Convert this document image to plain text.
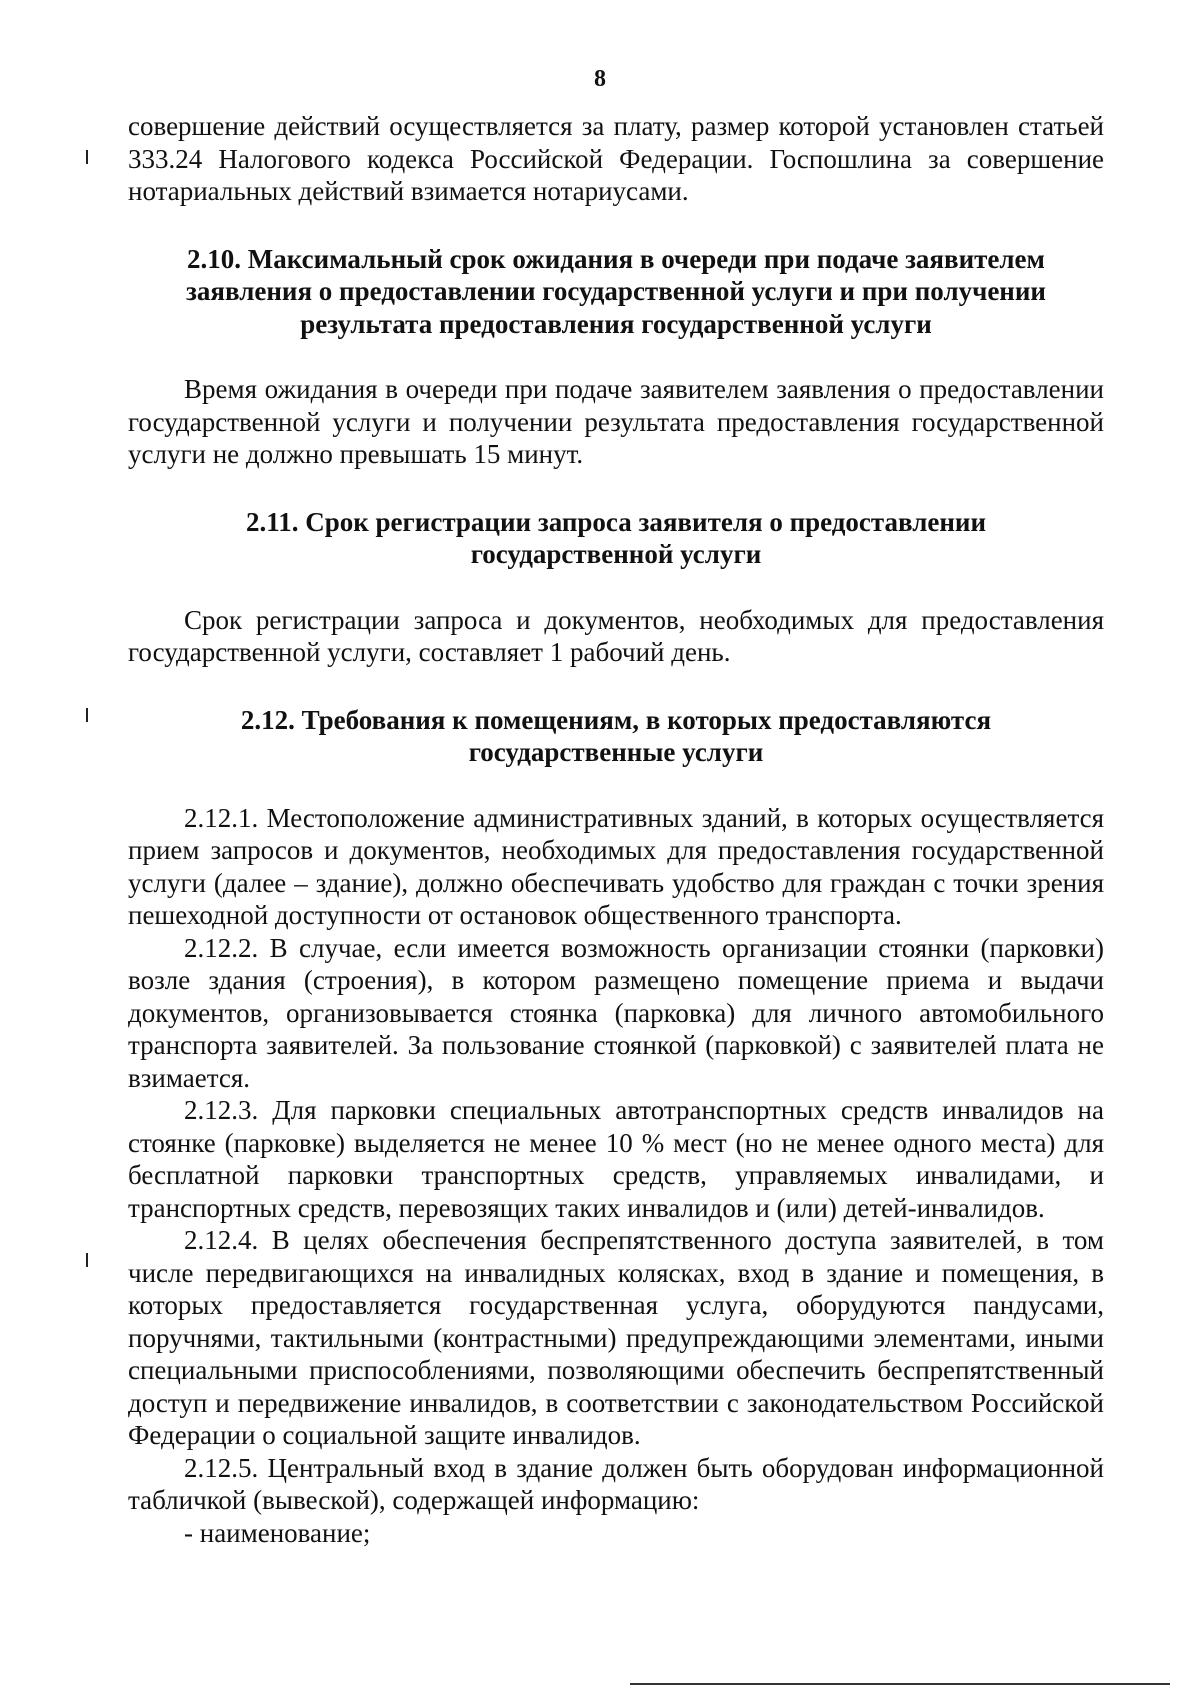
8

совершение действий осуществляется за плату, размер которой установлен статьей 333.24 Налогового кодекса Российской Федерации. Госпошлина за совершение нотариальных действий взимается нотариусами.

2.10. Максимальный срок ожидания в очереди при подаче заявителем заявления о предоставлении государственной услуги и при получении результата предоставления государственной услуги

Время ожидания в очереди при подаче заявителем заявления о предоставлении государственной услуги и получении результата предоставления государственной услуги не должно превышать 15 минут.

2.11. Срок регистрации запроса заявителя о предоставлении государственной услуги

Срок регистрации запроса и документов, необходимых для предоставления государственной услуги, составляет 1 рабочий день.

2.12. Требования к помещениям, в которых предоставляются государственные услуги

2.12.1. Местоположение административных зданий, в которых осуществляется прием запросов и документов, необходимых для предоставления государственной услуги (далее – здание), должно обеспечивать удобство для граждан с точки зрения пешеходной доступности от остановок общественного транспорта.

2.12.2. В случае, если имеется возможность организации стоянки (парковки) возле здания (строения), в котором размещено помещение приема и выдачи документов, организовывается стоянка (парковка) для личного автомобильного транспорта заявителей. За пользование стоянкой (парковкой) с заявителей плата не взимается.

2.12.3. Для парковки специальных автотранспортных средств инвалидов на стоянке (парковке) выделяется не менее 10 % мест (но не менее одного места) для бесплатной парковки транспортных средств, управляемых инвалидами, и транспортных средств, перевозящих таких инвалидов и (или) детей-инвалидов.

2.12.4. В целях обеспечения беспрепятственного доступа заявителей, в том числе передвигающихся на инвалидных колясках, вход в здание и помещения, в которых предоставляется государственная услуга, оборудуются пандусами, поручнями, тактильными (контрастными) предупреждающими элементами, иными специальными приспособлениями, позволяющими обеспечить беспрепятственный доступ и передвижение инвалидов, в соответствии с законодательством Российской Федерации о социальной защите инвалидов.

2.12.5. Центральный вход в здание должен быть оборудован информационной табличкой (вывеской), содержащей информацию:

- наименование;
